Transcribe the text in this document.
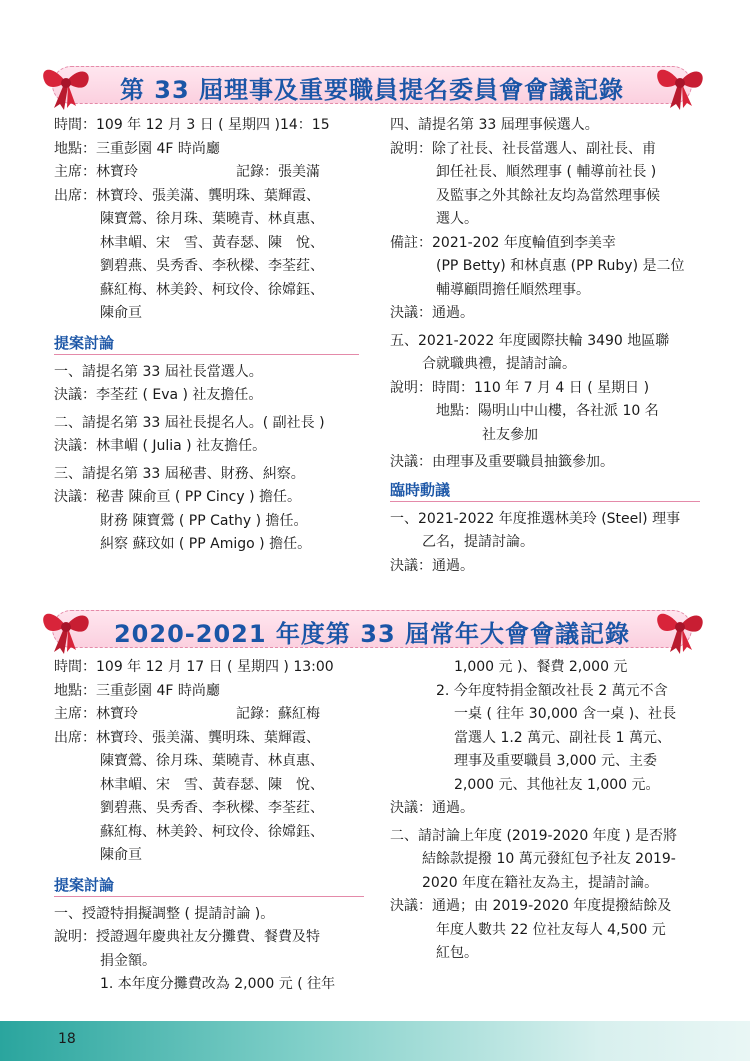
第 33 屆理事及重要職員提名委員會會議記錄
時間：109 年 12 月 3 日 ( 星期四 )14：15
地點：三重彭園 4F 時尚廳
主席：林寶玲	記錄：張美滿
出席：林寶玲、張美滿、龔明珠、葉輝霞、
陳寶鶯、徐月珠、葉曉青、林貞惠、
林聿嵋、宋　雪、黃春瑟、陳　悅、
劉碧燕、吳秀香、李秋樑、李荃荭、
蘇紅梅、林美鈴、柯玟伶、徐嫦鈺、
陳俞亘
提案討論
一、請提名第 33 屆社長當選人。
決議：李荃荭 ( Eva ) 社友擔任。
二、請提名第 33 屆社長提名人。( 副社長 )
決議：林聿嵋 ( Julia ) 社友擔任。
三、請提名第 33 屆秘書、財務、糾察。
決議：秘書 陳俞亘 ( PP Cincy ) 擔任。
財務 陳寶鶯 ( PP Cathy ) 擔任。
糾察 蘇玟如 ( PP Amigo ) 擔任。
四、請提名第 33 屆理事候選人。
說明：除了社長、社長當選人、副社長、甫
卸任社長、順然理事 ( 輔導前社長 )
及監事之外其餘社友均為當然理事候
選人。
備註：2021-202 年度輪值到李美幸
(PP Betty) 和林貞惠 (PP Ruby) 是二位
輔導顧問擔任順然理事。
決議：通過。
五、2021-2022 年度國際扶輪 3490 地區聯
合就職典禮，提請討論。
說明：時間：110 年 7 月 4 日 ( 星期日 )
地點：陽明山中山樓，各社派 10 名
社友參加
決議：由理事及重要職員抽籤參加。
臨時動議
一、2021-2022 年度推選林美玲 (Steel) 理事
乙名，提請討論。
決議：通過。
2020-2021 年度第 33 屆常年大會會議記錄
時間：109 年 12 月 17 日 ( 星期四 ) 13:00
地點：三重彭園 4F 時尚廳
主席：林寶玲	記錄：蘇紅梅
出席：林寶玲、張美滿、龔明珠、葉輝霞、
陳寶鶯、徐月珠、葉曉青、林貞惠、
林聿嵋、宋　雪、黃春瑟、陳　悅、
劉碧燕、吳秀香、李秋樑、李荃荭、
蘇紅梅、林美鈴、柯玟伶、徐嫦鈺、
陳俞亘
提案討論
一、授證特捐擬調整 ( 提請討論 )。
說明：授證週年慶典社友分攤費、餐費及特
捐金額。
1. 本年度分攤費改為 2,000 元 ( 往年
1,000 元 )、餐費 2,000 元
2. 今年度特捐金額改社長 2 萬元不含
一桌 ( 往年 30,000 含一桌 )、社長
當選人 1.2 萬元、副社長 1 萬元、
理事及重要職員 3,000 元、主委
2,000 元、其他社友 1,000 元。
決議：通過。
二、請討論上年度 (2019-2020 年度 ) 是否將
結餘款提撥 10 萬元發紅包予社友 2019-
2020 年度在籍社友為主，提請討論。
決議：通過；由 2019-2020 年度提撥結餘及
年度人數共 22 位社友每人 4,500 元
紅包。
18
